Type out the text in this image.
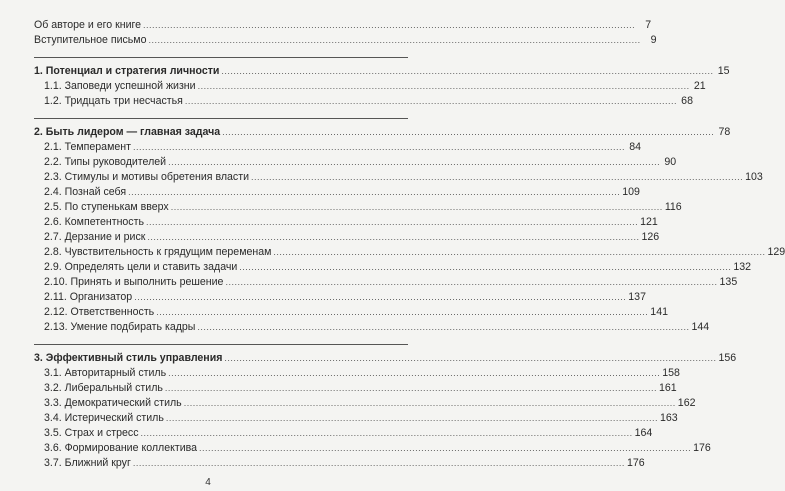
Об авторе и его книге .................................................................................................................................................................... 7
Вступительное письмо .................................................................................................................................................................... 9
1. Потенциал и стратегия личности .................................................................................................................................................................... 15
1.1. Заповеди успешной жизни .................................................................................................................................................................... 21
1.2. Тридцать три несчастья .................................................................................................................................................................... 68
2. Быть лидером — главная задача .................................................................................................................................................................... 78
2.1. Темперамент .................................................................................................................................................................... 84
2.2. Типы руководителей .................................................................................................................................................................... 90
2.3. Стимулы и мотивы обретения власти .................................................................................................................................................................... 103
2.4. Познай себя .................................................................................................................................................................... 109
2.5. По ступенькам вверх .................................................................................................................................................................... 116
2.6. Компетентность .................................................................................................................................................................... 121
2.7. Дерзание и риск .................................................................................................................................................................... 126
2.8. Чувствительность к грядущим переменам .................................................................................................................................................................... 129
2.9. Определять цели и ставить задачи .................................................................................................................................................................... 132
2.10. Принять и выполнить решение .................................................................................................................................................................... 135
2.11. Организатор .................................................................................................................................................................... 137
2.12. Ответственность .................................................................................................................................................................... 141
2.13. Умение подбирать кадры .................................................................................................................................................................... 144
3. Эффективный стиль управления .................................................................................................................................................................... 156
3.1. Авторитарный стиль .................................................................................................................................................................... 158
3.2. Либеральный стиль .................................................................................................................................................................... 161
3.3. Демократический стиль .................................................................................................................................................................... 162
3.4. Истерический стиль .................................................................................................................................................................... 163
3.5. Страх и стресс .................................................................................................................................................................... 164
3.6. Формирование коллектива .................................................................................................................................................................... 176
3.7. Ближний круг .................................................................................................................................................................... 176
4
